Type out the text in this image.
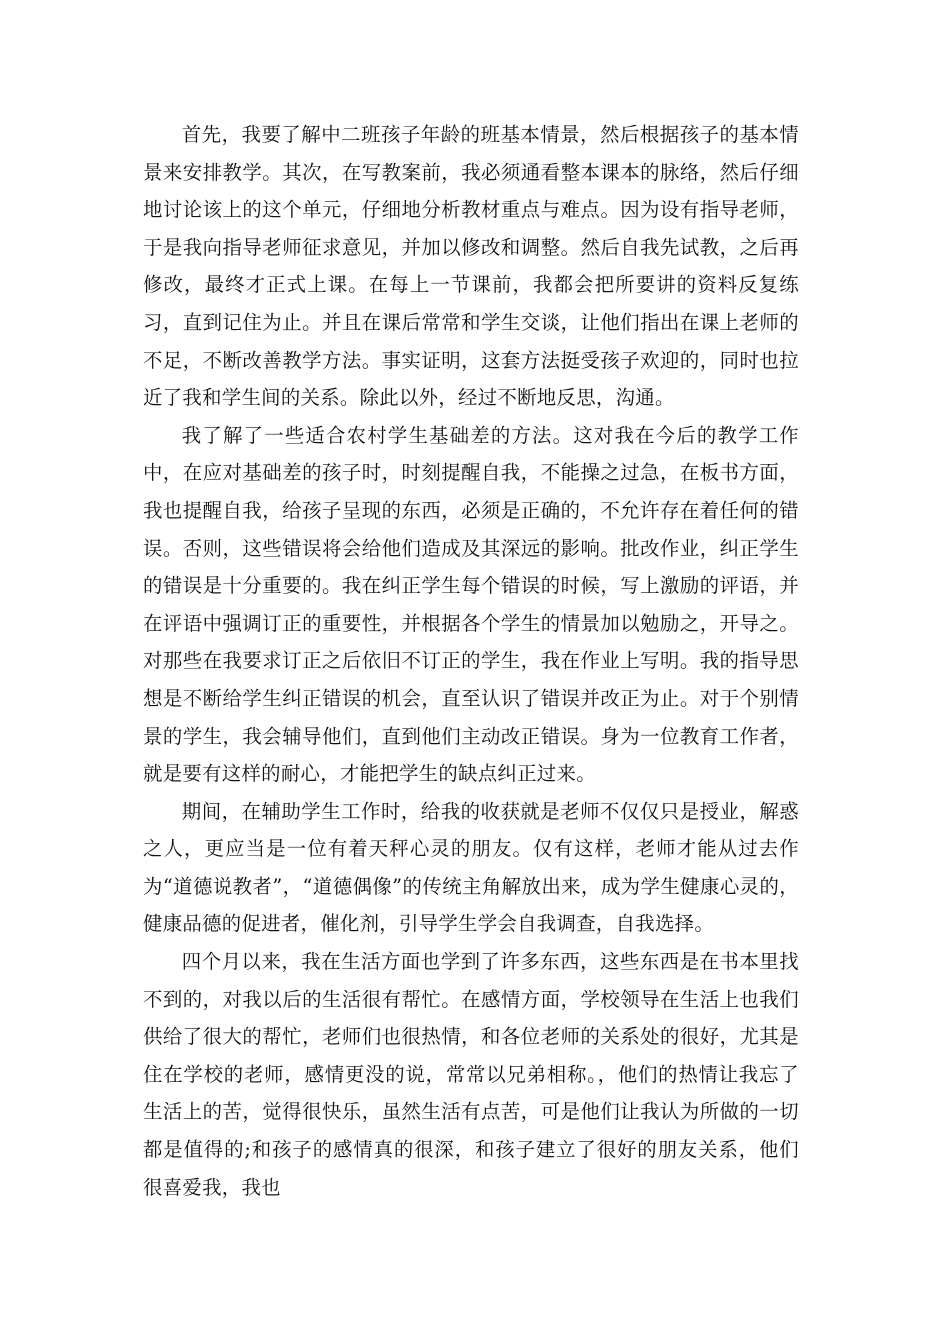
首先，我要了解中二班孩子年龄的班基本情景，然后根据孩子的基本情景来安排教学。其次，在写教案前，我必须通看整本课本的脉络，然后仔细地讨论该上的这个单元，仔细地分析教材重点与难点。因为设有指导老师，于是我向指导老师征求意见，并加以修改和调整。然后自我先试教，之后再修改，最终才正式上课。在每上一节课前，我都会把所要讲的资料反复练习，直到记住为止。并且在课后常常和学生交谈，让他们指出在课上老师的不足，不断改善教学方法。事实证明，这套方法挺受孩子欢迎的，同时也拉近了我和学生间的关系。除此以外，经过不断地反思，沟通。

我了解了一些适合农村学生基础差的方法。这对我在今后的教学工作中，在应对基础差的孩子时，时刻提醒自我，不能操之过急，在板书方面，我也提醒自我，给孩子呈现的东西，必须是正确的，不允许存在着任何的错误。否则，这些错误将会给他们造成及其深远的影响。批改作业，纠正学生的错误是十分重要的。我在纠正学生每个错误的时候，写上激励的评语，并在评语中强调订正的重要性，并根据各个学生的情景加以勉励之，开导之。对那些在我要求订正之后依旧不订正的学生，我在作业上写明。我的指导思想是不断给学生纠正错误的机会，直至认识了错误并改正为止。对于个别情景的学生，我会辅导他们，直到他们主动改正错误。身为一位教育工作者，就是要有这样的耐心，才能把学生的缺点纠正过来。

期间，在辅助学生工作时，给我的收获就是老师不仅仅只是授业，解惑之人，更应当是一位有着天秤心灵的朋友。仅有这样，老师才能从过去作为“道德说教者”，“道德偶像”的传统主角解放出来，成为学生健康心灵的，健康品德的促进者，催化剂，引导学生学会自我调查，自我选择。

四个月以来，我在生活方面也学到了许多东西，这些东西是在书本里找不到的，对我以后的生活很有帮忙。在感情方面，学校领导在生活上也我们供给了很大的帮忙，老师们也很热情，和各位老师的关系处的很好，尤其是住在学校的老师，感情更没的说，常常以兄弟相称。，他们的热情让我忘了生活上的苦，觉得很快乐，虽然生活有点苦，可是他们让我认为所做的一切都是值得的;和孩子的感情真的很深，和孩子建立了很好的朋友关系，他们很喜爱我，我也
